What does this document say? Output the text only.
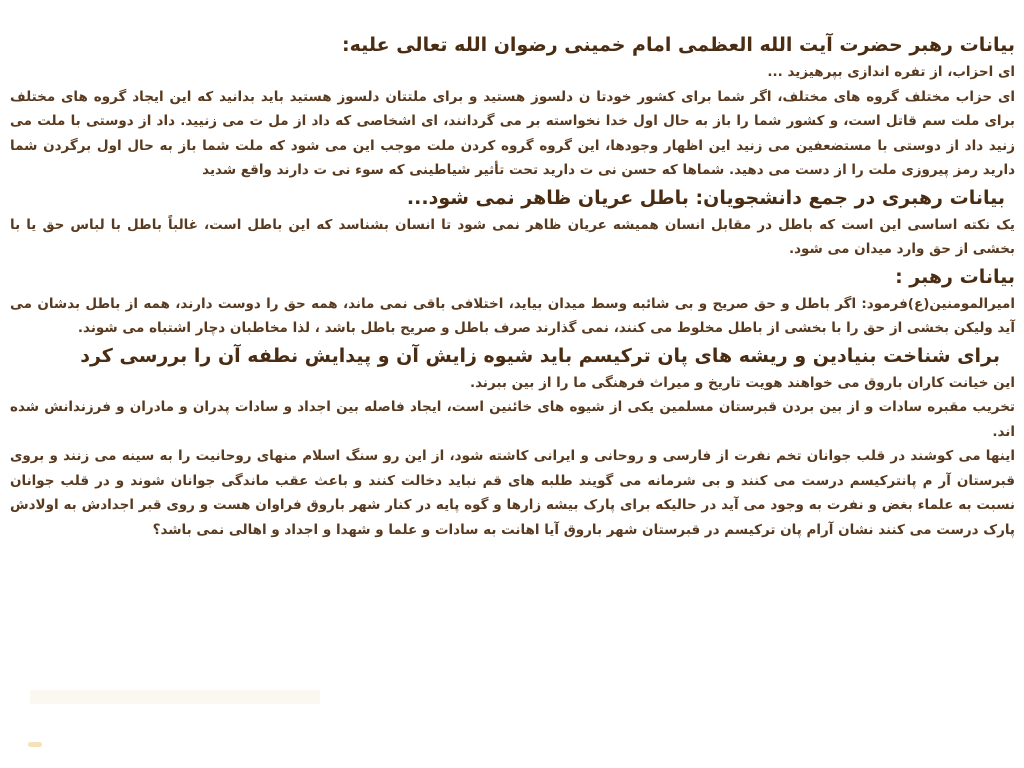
بیانات رهبر حضرت آیت الله العظمی امام خمینی رضوان الله تعالی علیه:

ای احزاب، از تفره اندازی بپرهیزید ...

ای حزاب مختلف گروه های مختلف، اگر شما برای کشور خودتا ن دلسوز هستید و برای ملتتان دلسوز هستید باید بدانید که این ایجاد گروه های مختلف برای ملت سم قاتل است، و کشور شما را باز به حال اول خدا نخواسته بر می گردانند، ای اشخاصی که داد از مل ت می زنیید. داد از دوستی با ملت می زنید داد از دوستی با مستضعفین می زنید این اظهار وجودها، این گروه گروه کردن ملت موجب این می شود که ملت شما باز به حال اول برگردن شما دارید رمز پیروزی ملت را از دست می دهید. شماها که حسن نی ت دارید تحت تأثیر شیاطینی که سوء نی ت دارند واقع شدید

بیانات رهبری در جمع دانشجویان: باطل عریان ظاهر نمی شود...

یک نکته اساسی این است که باطل در مقابل انسان همیشه عریان ظاهر نمی شود تا انسان بشناسد که این باطل است، غالباً باطل با لباس حق یا با بخشی از حق وارد میدان می شود.

بیانات رهبر :

امیرالمومنین(ع)فرمود: اگر باطل و حق صریح و بی شائبه وسط میدان بیاید، اختلافی باقی نمی ماند، همه حق را دوست دارند، همه از باطل بدشان می آید ولیکن بخشی از حق را با بخشی از باطل مخلوط می کنند، نمی گذارند صرف باطل و صریح باطل باشد ، لذا مخاطبان دچار اشتباه می شوند.

برای شناخت بنیادین و ریشه های پان ترکیسم باید شیوه زایش آن و پیدایش نطفه آن را بررسی کرد

این خیانت کاران باروق می خواهند هویت تاریخ و میراث فرهنگی ما را از بین ببرند.

تخریب مقبره سادات و از بین بردن قبرستان مسلمین یکی از شیوه های خائنین است، ایجاد فاصله بین اجداد و سادات پدران و مادران و فرزندانش شده اند.

اینها می کوشند در قلب جوانان تخم نفرت از فارسی و روحانی و ایرانی کاشته شود، از این رو سنگ اسلام منهای روحانیت را به سینه می زنند و بروی قبرستان آر م پانترکیسم درست می کنند و بی شرمانه می گویند طلبه های قم نباید دخالت کنند و باعث عقب ماندگی جوانان شوند و در قلب جوانان نسبت به علماء بغض و نفرت به وجود می آید در حالیکه برای پارک بیشه زارها و گوه پایه در کنار شهر باروق فراوان هست و روی قبر اجدادش به اولادش پارک درست می کنند نشان آرام پان ترکیسم در قبرستان شهر باروق آیا اهانت به سادات و علما و شهدا و اجداد و اهالی نمی باشد؟
